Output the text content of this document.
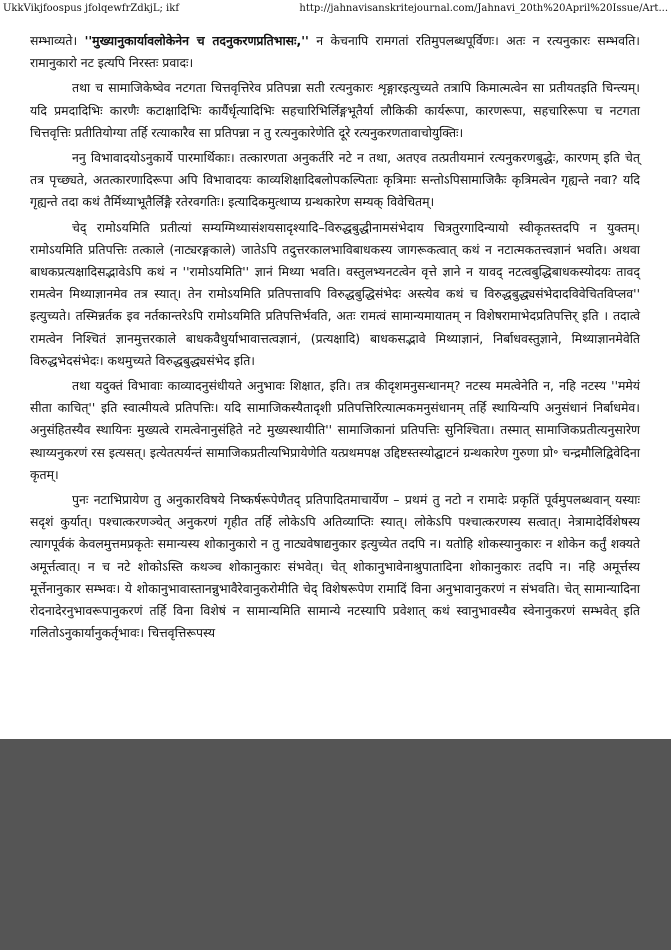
UkkVikjfoospus jfolqewfrZdkjL; ikf	http://jahnavisanskritejournal.com/Jahnavi_20th%20April%20Issue/Art...

सम्भाव्यते। ''मुख्यानुकार्यावलोकेनेन च तदनुकरणप्रतिभासः,'' न केचनापि रामगतां रतिमुपलब्धपूर्विणः। अतः न रत्यनुकारः सम्भवति। रामानुकारो नट इत्यपि निरस्तः प्रवादः।

तथा च सामाजिकेष्वेव नटगता चित्तवृत्तिरेव प्रतिपन्ना सती रत्यनुकारः शृङ्गारइत्युच्यते तत्रापि किमात्मत्वेन सा प्रतीयतइति चिन्त्यम्। यदि प्रमदादिभिः कारणैः कटाक्षादिभिः कार्यैर्धृत्यादिभिः सहचारिभिर्लिङ्गभूतैर्या लौकिकी कार्यरूपा, कारणरूपा, सहचारिरूपा च नटगता चित्तवृत्तिः प्रतीतियोग्या तर्हि रत्याकारैव सा प्रतिपन्ना न तु रत्यनुकारेणेति दूरे रत्यनुकरणतावाचोयुक्तिः।

ननु विभावादयोऽनुकार्ये पारमार्थिकाः। तत्कारणता अनुकर्तरि नटे न तथा, अतएव तत्प्रतीयमानं रत्यनुकरणबुद्धेः, कारणम् इति चेत् तत्र पृच्छ्यते, अतत्कारणादिरूपा अपि विभावादयः काव्यशिक्षादिबलोपकल्पिताः कृत्रिमाः सन्तोऽपिसामाजिकैः कृत्रिमत्वेन गृह्यन्ते नवा? यदि गृह्यन्ते तदा कथं तैर्मिथ्याभूतैर्लिङ्गै रतेरवगतिः। इत्यादिकमुत्थाप्य ग्रन्थकारेण सम्यक् विवेचितम्।

चेद् रामोऽयमिति प्रतीत्यां सम्यग्मिथ्यासंशयसादृश्यादि–विरुद्धबुद्धीनामसंभेदाय चित्रतुरगादिन्यायो स्वीकृतस्तदपि न युक्तम्। रामोऽयमिति प्रतिपत्तिः तत्काले (नाट्यरङ्गकाले) जातेऽपि तदुत्तरकालभाविबाधकस्य जागरूकत्वात् कथं न नटात्मकतत्त्वज्ञानं भवति। अथवा बाधकप्रत्यक्षादिसद्भावेऽपि कथं न ''रामोऽयमिति'' ज्ञानं मिथ्या भवति। वस्तुलभ्यनटत्वेन वृत्ते ज्ञाने न यावद् नटत्वबुद्धिबाधकस्योदयः तावद् रामत्वेन मिथ्याज्ञानमेव तत्र स्यात्। तेन रामोऽयमिति प्रतिपत्तावपि विरुद्धबुद्धिसंभेदः अस्त्येव कथं च विरुद्धबुद्ध्यसंभेदादविवेचितविप्लव'' इत्युच्यते। तस्मिन्नर्तक इव नर्तकान्तरेऽपि रामोऽयमिति प्रतिपत्तिर्भवति, अतः रामत्वं सामान्यमायातम् न विशेषरामाभेदप्रतिपत्तिर् इति । तदात्वे रामत्वेन निश्चितं ज्ञानमुत्तरकाले बाधकवैधुर्याभावात्तत्वज्ञानं, (प्रत्यक्षादि) बाधकसद्भावे मिथ्याज्ञानं, निर्बाधवस्तुज्ञाने, मिथ्याज्ञानमेवेति विरुद्धभेदसंभेदः। कथमुच्यते विरुद्धबुद्ध्यसंभेद इति।

तथा यदुक्तं विभावाः काव्यादनुसंधीयते अनुभावः शिक्षात, इति। तत्र कीदृशमनुसन्धानम्? नटस्य ममत्वेनेति न, नहि नटस्य ''ममेयं सीता काचित्'' इति स्वात्मीयत्वे प्रतिपत्तिः। यदि सामाजिकस्यैतादृशी प्रतिपत्तिरित्यात्मकमनुसंधानम् तर्हि स्थायिन्यपि अनुसंधानं निर्बाधमेव। अनुसंहितस्यैव स्थायिनः मुख्यत्वे रामत्वेनानुसंहिते नटे मुख्यस्थायीति'' सामाजिकानां प्रतिपत्तिः सुनिश्चिता। तस्मात् सामाजिकप्रतीत्यनुसारेण स्थाय्यनुकरणं रस इत्यसत्। इत्येतत्पर्यन्तं सामाजिकप्रतीत्यभिप्रायेणेति यत्प्रथमपक्ष उद्दिष्टस्तस्योद्घाटनं ग्रन्थकारेण गुरुणा प्रो॰ चन्द्रमौलिद्विवेदिना कृतम्।

पुनः नटाभिप्रायेण तु अनुकारविषये निष्कर्षरूपेणैतद् प्रतिपादितमाचार्येण – प्रथमं तु नटो न रामादेः प्रकृतिं पूर्वमुपलब्धवान् यस्याः सदृशं कुर्यात्। पश्चात्करणञ्चेत् अनुकरणं गृहीत तर्हि लोकेऽपि अतिव्याप्तिः स्यात्। लोकेऽपि पश्चात्करणस्य सत्वात्। नेत्रामादेर्विशेषस्य त्यागपूर्वकं केवलमुत्तमप्रकृतेः समान्यस्य शोकानुकारो न तु नाट्यवेषाद्यनुकार इत्युच्येत तदपि न। यतोहि शोकस्यानुकारः न शोकेन कर्तुं शक्यते अमूर्त्तत्वात्। न च नटे शोकोऽस्ति कथञ्च शोकानुकारः संभवेत्। चेत् शोकानुभावेनाश्रुपातादिना शोकानुकारः तदपि न। नहि अमूर्त्तस्य मूर्त्तेनानुकार सम्भवः। ये शोकानुभावास्तानन्नुभावैरेवानुकरोमीति चेद् विशेषरूपेण रामादिं विना अनुभावानुकरणं न संभवति। चेत् सामान्यादिना रोदनादेरनुभावरूपानुकरणं तर्हि विना विशेषं न सामान्यमिति सामान्ये नटस्यापि प्रवेशात् कथं स्वानुभावस्यैव स्वेनानुकरणं सम्भवेत् इति गलितोऽनुकार्यानुकर्तृभावः। चित्तवृत्तिरूपस्य
